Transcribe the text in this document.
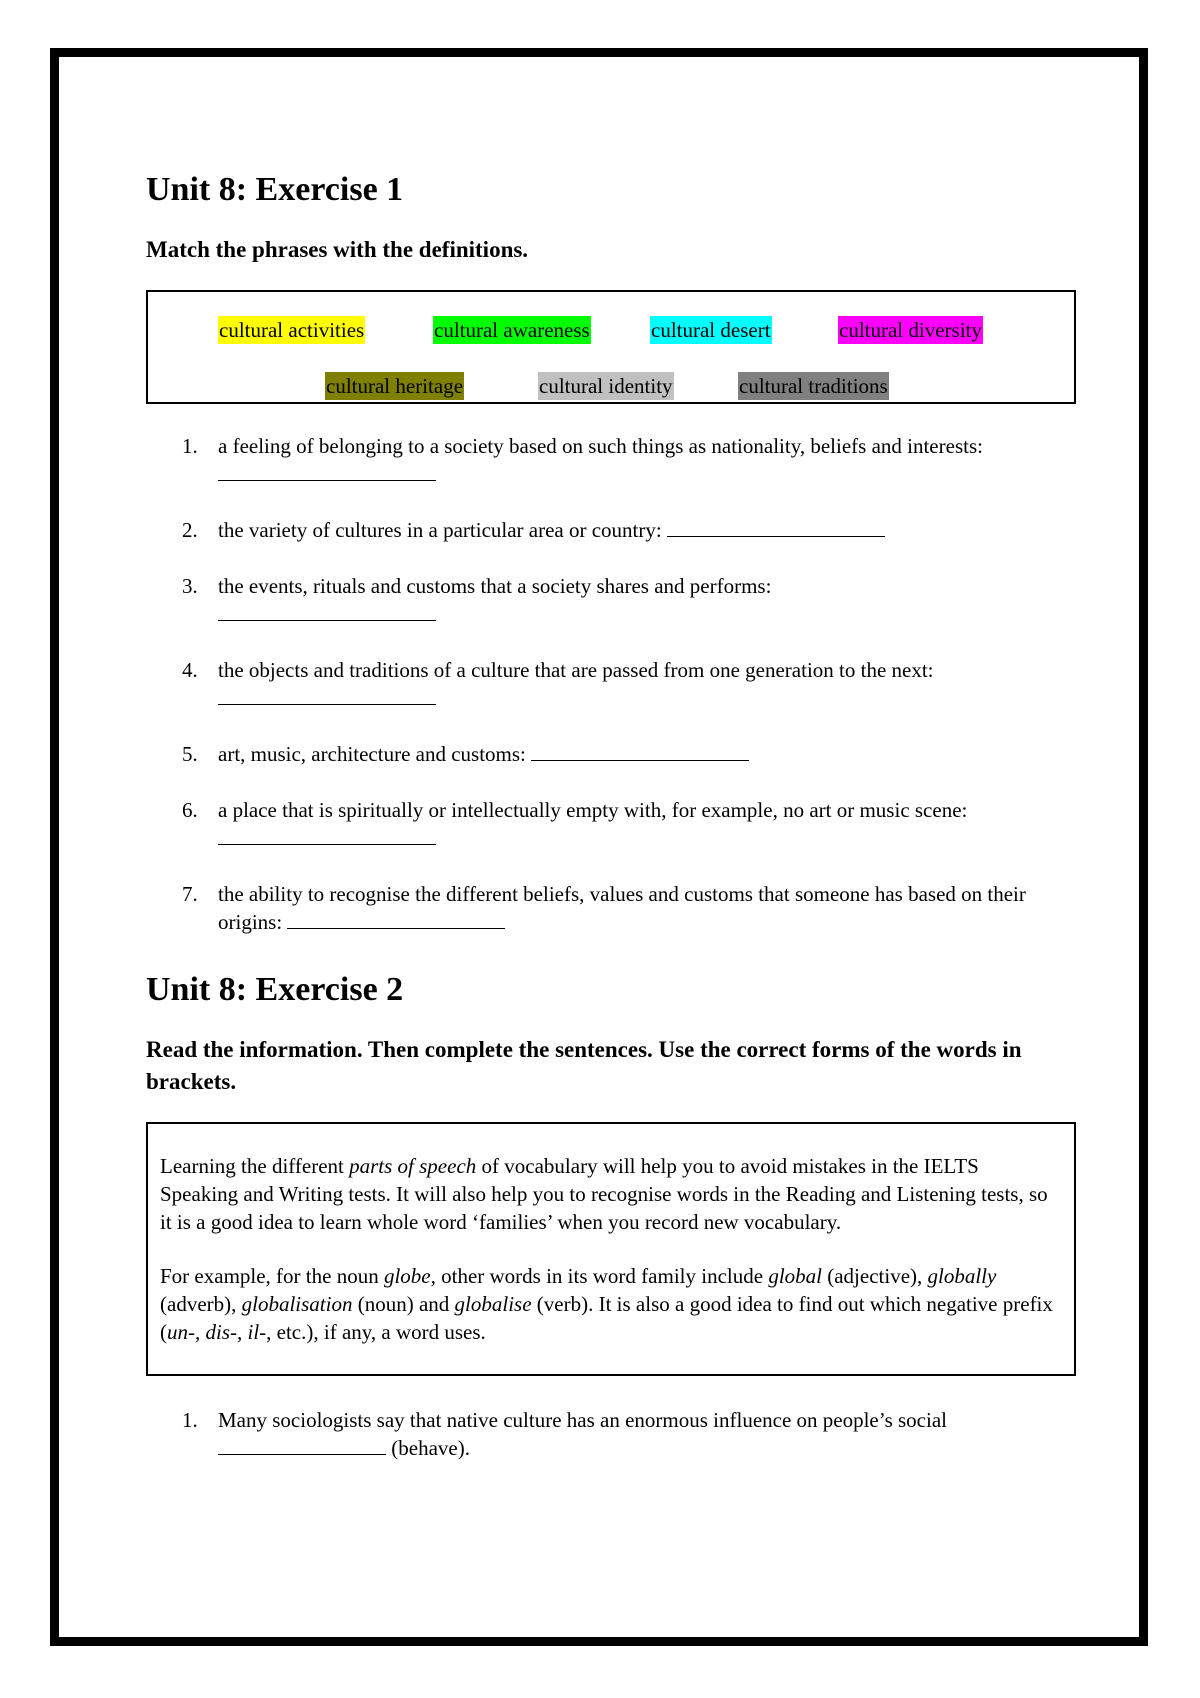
Unit 8: Exercise 1

Match the phrases with the definitions.

cultural activities	cultural awareness	cultural desert	cultural diversity
cultural heritage	cultural identity	cultural traditions
1. a feeling of belonging to a society based on such things as nationality, beliefs and interests:
2. the variety of cultures in a particular area or country:
3. the events, rituals and customs that a society shares and performs:

4. the objects and traditions of a culture that are passed from one generation to the next:

5. art, music, architecture and customs:
6. a place that is spiritually or intellectually empty with, for example, no art or music scene:
7. the ability to recognise the different beliefs, values and customs that someone has based on their origins:
Unit 8: Exercise 2

Read the information. Then complete the sentences. Use the correct forms of the words in brackets.

Learning the different parts of speech of vocabulary will help you to avoid mistakes in the IELTS Speaking and Writing tests. It will also help you to recognise words in the Reading and Listening tests, so it is a good idea to learn whole word ‘families’ when you record new vocabulary.

For example, for the noun globe, other words in its word family include global (adjective), globally (adverb), globalisation (noun) and globalise (verb). It is also a good idea to find out which negative prefix (un-, dis-, il-, etc.), if any, a word uses.

1. Many sociologists say that native culture has an enormous influence on people’s social  (behave).
